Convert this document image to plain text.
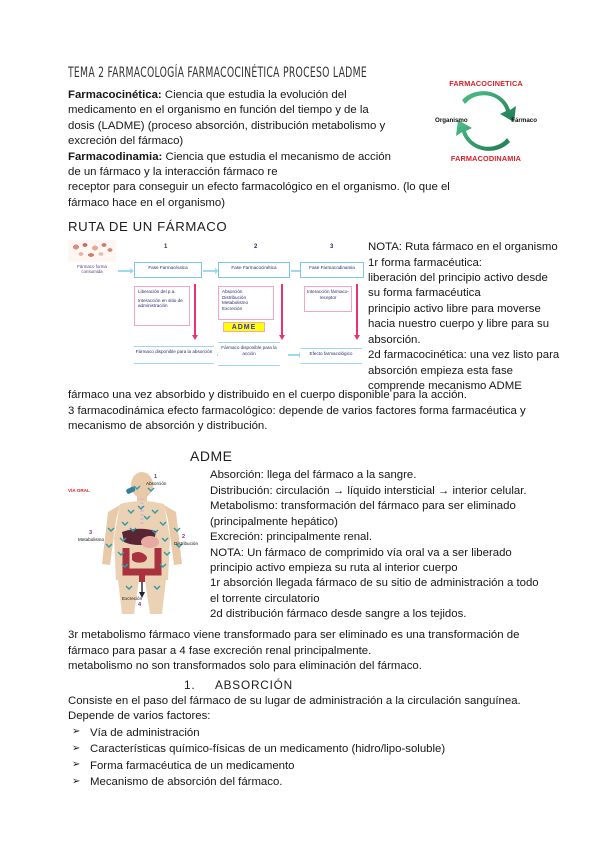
FARMACOCINETICA
Organismo	Fármaco
FARMACODINAMIA
TEMA 2 FARMACOLOGÍA FARMACOCINÉTICA PROCESO LADME
Farmacocinética: Ciencia que estudia la evolución del medicamento en el organismo en función del tiempo y de la dosis (LADME) (proceso absorción, distribución metabolismo y excreción del fármaco)
Farmacodinamia: Ciencia que estudia el mecanismo de acción de un fármaco y la interacción fármaco re
receptor para conseguir un efecto farmacológico en el organismo. (lo que el fármaco hace en el organismo)
RUTA DE UN FÁRMACO
Fármaco forma consumida
1
Fase Farmacéutica
Liberación del p.a.
Interacción en sitio de administración
Fármaco disponible para la absorción
2
Fase Farmacocinética
Absorción
Distribución
Metabolismo
Excreción
ADME
Fármaco disponible para la acción
3
Fase Farmacodinamia
Interacción fármaco-receptor
Efecto farmacológico
NOTA: Ruta fármaco en el organismo
1r forma farmacéutica:
liberación del principio activo desde
su forma farmacéutica
principio activo libre para moverse
hacia nuestro cuerpo y libre para su
absorción.
2d farmacocinética: una vez listo para
absorción empieza esta fase
comprende mecanismo ADME
fármaco una vez absorbido y distribuido en el cuerpo disponible para la acción.
3 farmacodinámica efecto farmacológico: depende de varios factores forma farmacéutica y mecanismo de absorción y distribución.
ADME
VÍA ORAL
1
Absorción
2
Distribución
3
Metabolismo
Excreción
4
Absorción: llega del fármaco a la sangre.
Distribución: circulación → líquido intersticial → interior celular.
Metabolismo: transformación del fármaco para ser eliminado (principalmente hepático)
Excreción: principalmente renal.
NOTA: Un fármaco de comprimido vía oral va a ser liberado principio activo empieza su ruta al interior cuerpo
1r absorción llegada fármaco de su sitio de administración a todo el torrente circulatorio
2d distribución fármaco desde sangre a los tejidos.
3r metabolismo fármaco viene transformado para ser eliminado es una transformación de fármaco para pasar a 4 fase excreción renal principalmente.
metabolismo no son transformados solo para eliminación del fármaco.
1. ABSORCIÓN
Consiste en el paso del fármaco de su lugar de administración a la circulación sanguínea.
Depende de varios factores:
➢ Vía de administración
➢ Características químico-físicas de un medicamento (hidro/lipo-soluble)
➢ Forma farmacéutica de un medicamento
➢ Mecanismo de absorción del fármaco.
